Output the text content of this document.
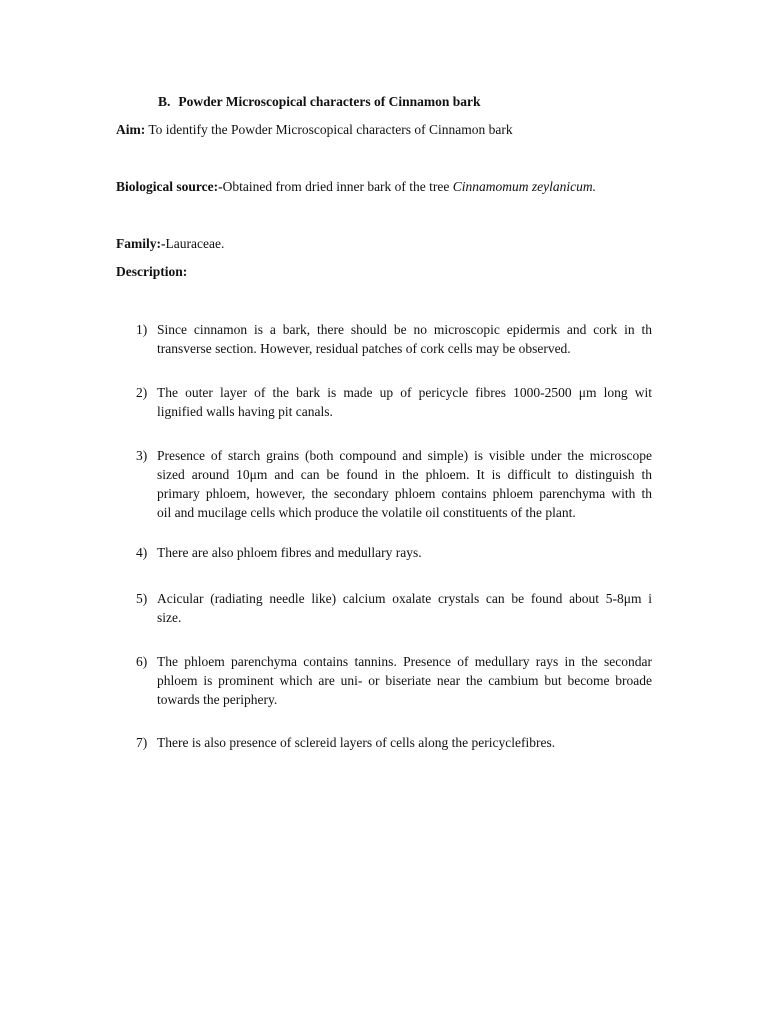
B. Powder Microscopical characters of Cinnamon bark
Aim: To identify the Powder Microscopical characters of Cinnamon bark
Biological source:-Obtained from dried inner bark of the tree Cinnamomum zeylanicum.
Family:-Lauraceae.
Description:
1) Since cinnamon is a bark, there should be no microscopic epidermis and cork in th
transverse section. However, residual patches of cork cells may be observed.
2) The outer layer of the bark is made up of pericycle fibres 1000-2500 μm long wit
lignified walls having pit canals.
3) Presence of starch grains (both compound and simple) is visible under the microscope
sized around 10μm and can be found in the phloem. It is difficult to distinguish th
primary phloem, however, the secondary phloem contains phloem parenchyma with th
oil and mucilage cells which produce the volatile oil constituents of the plant.
4) There are also phloem fibres and medullary rays.
5) Acicular (radiating needle like) calcium oxalate crystals can be found about 5-8μm i
size.
6) The phloem parenchyma contains tannins. Presence of medullary rays in the secondar
phloem is prominent which are uni- or biseriate near the cambium but become broade
towards the periphery.
7) There is also presence of sclereid layers of cells along the pericyclefibres.
